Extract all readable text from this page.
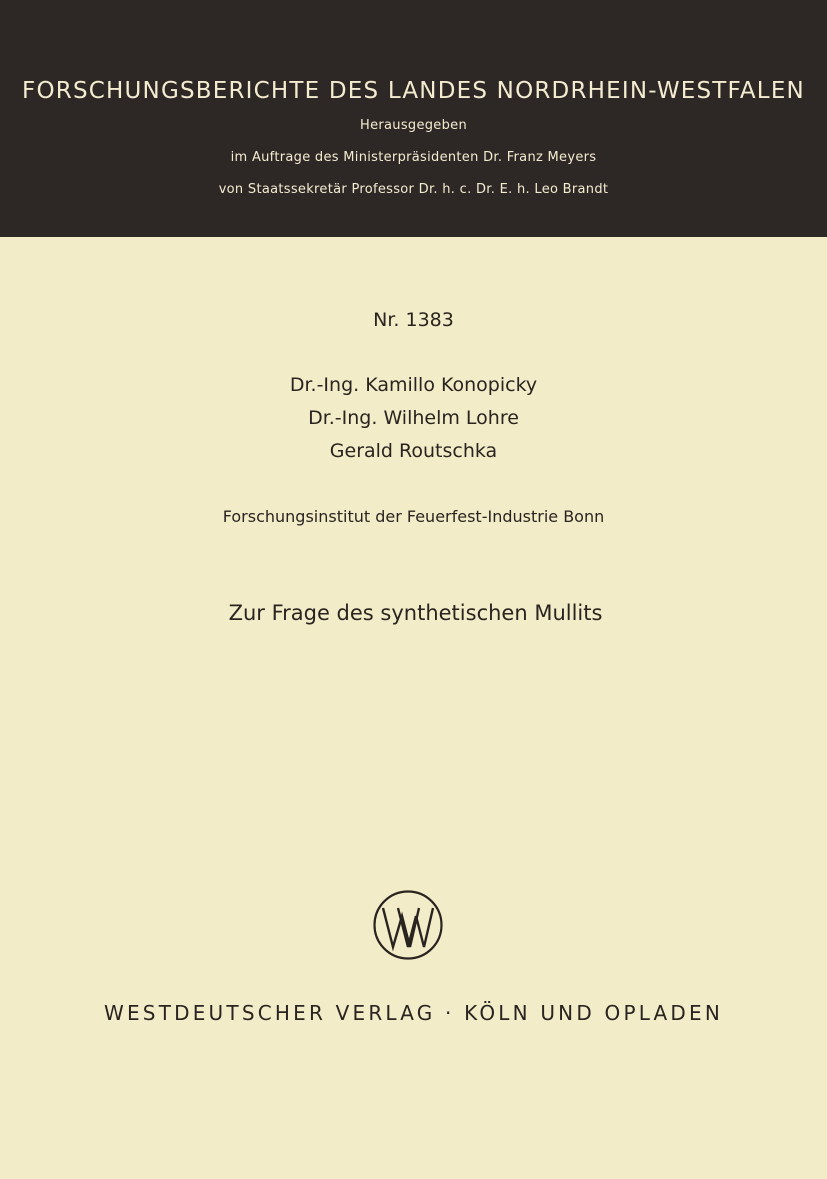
FORSCHUNGSBERICHTE DES LANDES NORDRHEIN-WESTFALEN
Herausgegeben
im Auftrage des Ministerpräsidenten Dr. Franz Meyers
von Staatssekretär Professor Dr. h. c. Dr. E. h. Leo Brandt
Nr. 1383
Dr.-Ing. Kamillo Konopicky
Dr.-Ing. Wilhelm Lohre
Gerald Routschka
Forschungsinstitut der Feuerfest-Industrie Bonn
Zur Frage des synthetischen Mullits
WESTDEUTSCHER VERLAG · KÖLN UND OPLADEN
